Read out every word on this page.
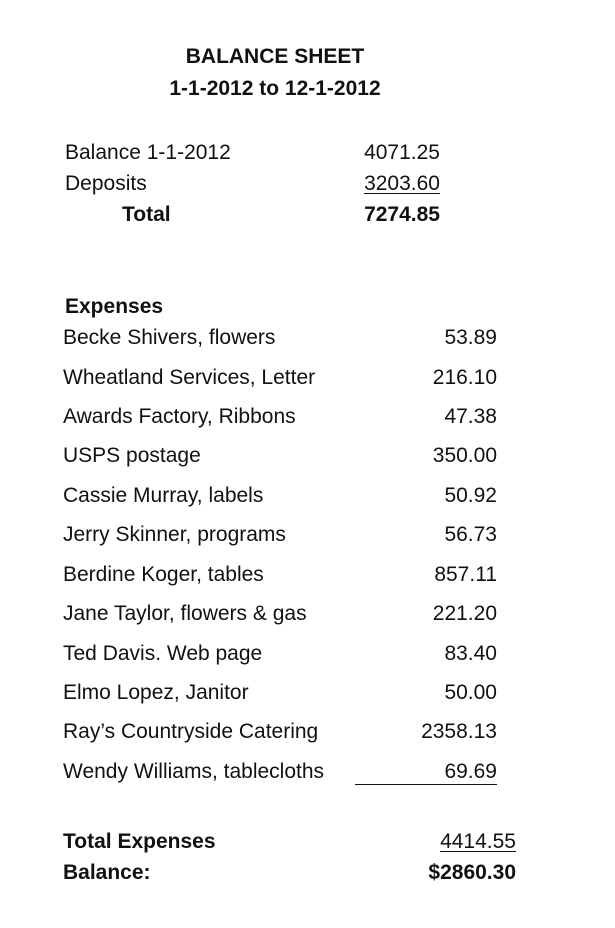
BALANCE SHEET
1-1-2012 to 12-1-2012
Balance 1-1-2012	4071.25
Deposits	3203.60
Total	7274.85
Expenses
Becke Shivers, flowers	53.89
Wheatland Services, Letter	216.10
Awards Factory, Ribbons	47.38
USPS postage	350.00
Cassie Murray, labels	50.92
Jerry Skinner, programs	56.73
Berdine Koger, tables	857.11
Jane Taylor, flowers & gas	221.20
Ted Davis. Web page	83.40
Elmo Lopez, Janitor	50.00
Ray’s Countryside Catering	2358.13
Wendy Williams, tablecloths	69.69
Total Expenses	4414.55
Balance:	$2860.30
